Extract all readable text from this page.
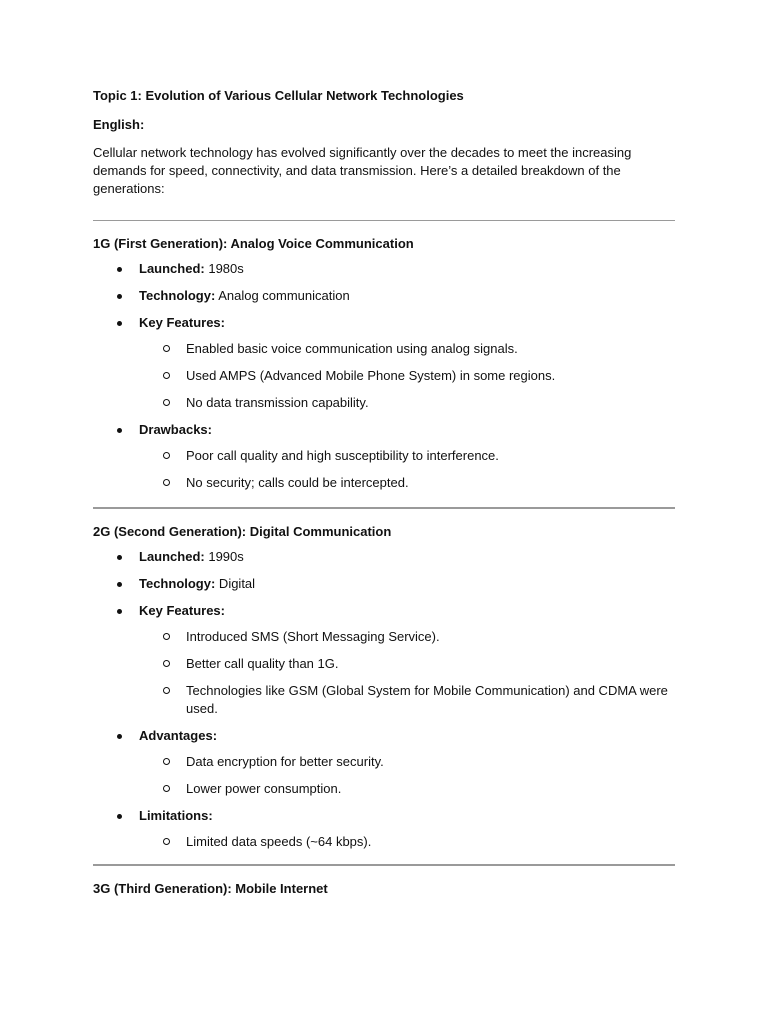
Topic 1: Evolution of Various Cellular Network Technologies

English:

Cellular network technology has evolved significantly over the decades to meet the increasing demands for speed, connectivity, and data transmission. Here’s a detailed breakdown of the generations:

1G (First Generation): Analog Voice Communication

Launched: 1980s
Technology: Analog communication
Key Features:
Enabled basic voice communication using analog signals.
Used AMPS (Advanced Mobile Phone System) in some regions.
No data transmission capability.
Drawbacks:
Poor call quality and high susceptibility to interference.
No security; calls could be intercepted.

2G (Second Generation): Digital Communication

Launched: 1990s
Technology: Digital
Key Features:
Introduced SMS (Short Messaging Service).
Better call quality than 1G.
Technologies like GSM (Global System for Mobile Communication) and CDMA were used.
Advantages:
Data encryption for better security.
Lower power consumption.
Limitations:
Limited data speeds (~64 kbps).

3G (Third Generation): Mobile Internet
